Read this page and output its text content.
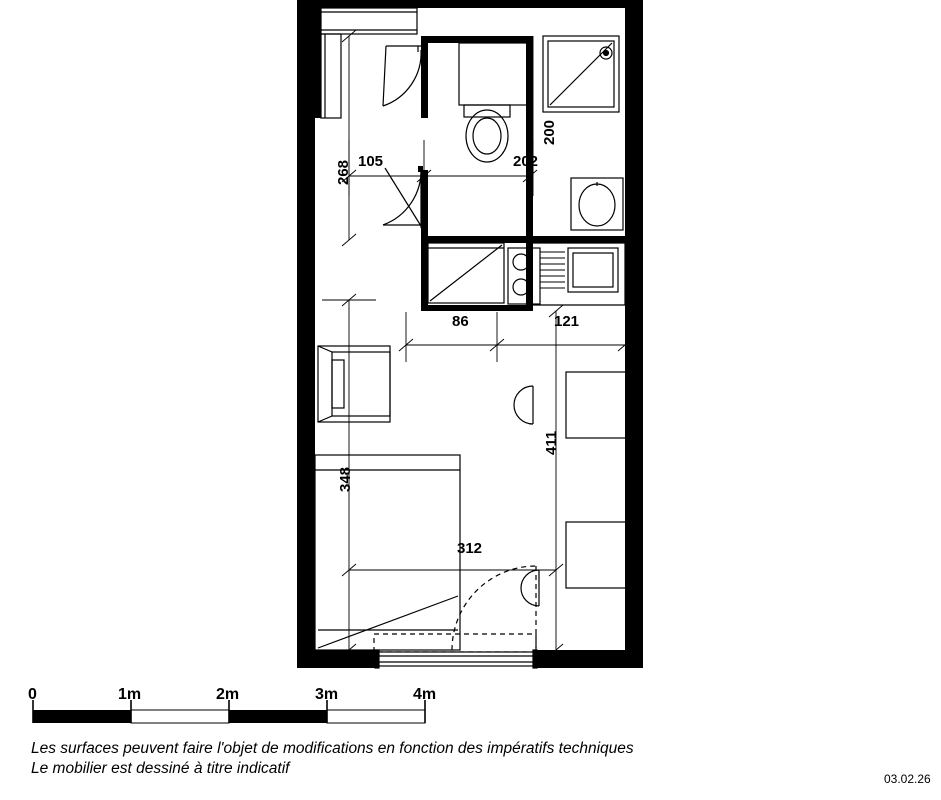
268 105	202
200
86	121
348
411
312
0	1m	2m	3m	4m
Les surfaces peuvent faire l'objet de modifications en fonction des impératifs techniques
Le mobilier est dessiné à titre indicatif
03.02.26
